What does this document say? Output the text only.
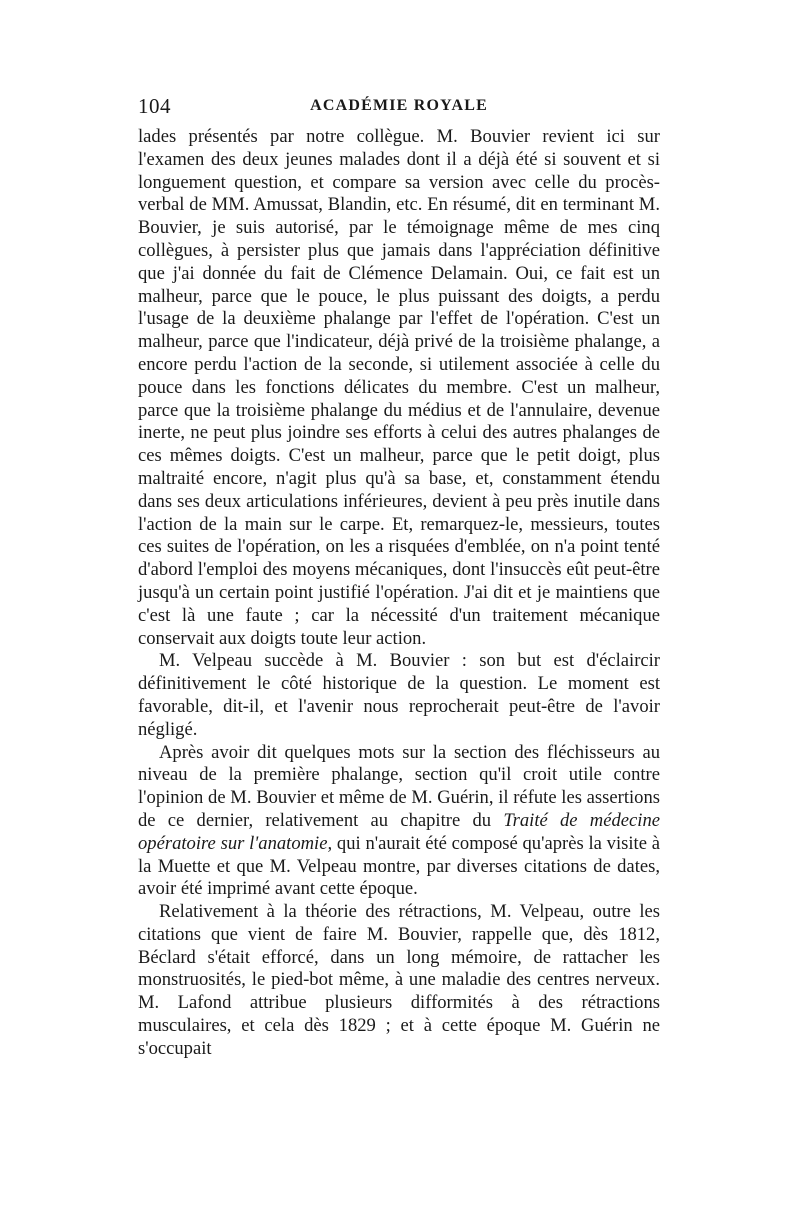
104	ACADÉMIE ROYALE

lades présentés par notre collègue. M. Bouvier revient ici sur l'examen des deux jeunes malades dont il a déjà été si souvent et si longuement question, et compare sa version avec celle du procès-verbal de MM. Amussat, Blandin, etc. En résumé, dit en terminant M. Bouvier, je suis autorisé, par le témoignage même de mes cinq collègues, à persister plus que jamais dans l'appréciation définitive que j'ai donnée du fait de Clémence Delamain. Oui, ce fait est un malheur, parce que le pouce, le plus puissant des doigts, a perdu l'usage de la deuxième phalange par l'effet de l'opération. C'est un malheur, parce que l'indicateur, déjà privé de la troisième phalange, a encore perdu l'action de la seconde, si utilement associée à celle du pouce dans les fonctions délicates du membre. C'est un malheur, parce que la troisième phalange du médius et de l'annulaire, devenue inerte, ne peut plus joindre ses efforts à celui des autres phalanges de ces mêmes doigts. C'est un malheur, parce que le petit doigt, plus maltraité encore, n'agit plus qu'à sa base, et, constamment étendu dans ses deux articulations inférieures, devient à peu près inutile dans l'action de la main sur le carpe. Et, remarquez-le, messieurs, toutes ces suites de l'opération, on les a risquées d'emblée, on n'a point tenté d'abord l'emploi des moyens mécaniques, dont l'insuccès eût peut-être jusqu'à un certain point justifié l'opération. J'ai dit et je maintiens que c'est là une faute ; car la nécessité d'un traitement mécanique conservait aux doigts toute leur action.

M. Velpeau succède à M. Bouvier : son but est d'éclaircir définitivement le côté historique de la question. Le moment est favorable, dit-il, et l'avenir nous reprocherait peut-être de l'avoir négligé.

Après avoir dit quelques mots sur la section des fléchisseurs au niveau de la première phalange, section qu'il croit utile contre l'opinion de M. Bouvier et même de M. Guérin, il réfute les assertions de ce dernier, relativement au chapitre du Traité de médecine opératoire sur l'anatomie, qui n'aurait été composé qu'après la visite à la Muette et que M. Velpeau montre, par diverses citations de dates, avoir été imprimé avant cette époque.

Relativement à la théorie des rétractions, M. Velpeau, outre les citations que vient de faire M. Bouvier, rappelle que, dès 1812, Béclard s'était efforcé, dans un long mémoire, de rattacher les monstruosités, le pied-bot même, à une maladie des centres nerveux. M. Lafond attribue plusieurs difformités à des rétractions musculaires, et cela dès 1829 ; et à cette époque M. Guérin ne s'occupait
